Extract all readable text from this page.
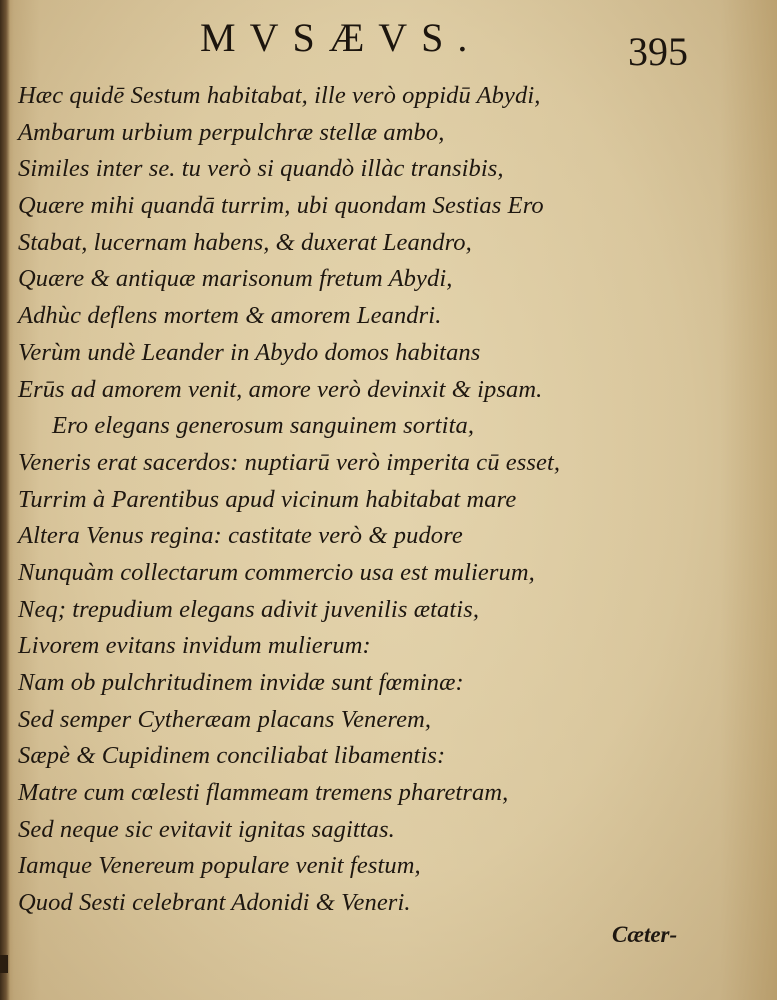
MVSÆVS.	395
Hæc quidē Sestum habitabat, ille verò oppidū Abydi,
Ambarum urbium perpulchræ stellæ ambo,
Similes inter se. tu verò si quandò illàc transibis,
Quære mihi quandā turrim, ubi quondam Sestias Ero
Stabat, lucernam habens, & duxerat Leandro,
Quære & antiquæ marisonum fretum Abydi,
Adhùc deflens mortem & amorem Leandri.
Verùm undè Leander in Abydo domos habitans
Erūs ad amorem venit, amore verò devinxit & ipsam.
Ero elegans generosum sanguinem sortita,
Veneris erat sacerdos: nuptiarū verò imperita cū esset,
Turrim à Parentibus apud vicinum habitabat mare
Altera Venus regina: castitate verò & pudore
Nunquàm collectarum commercio usa est mulierum,
Neq; trepudium elegans adivit juvenilis ætatis,
Livorem evitans invidum mulierum:
Nam ob pulchritudinem invidæ sunt fœminæ:
Sed semper Cytheræam placans Venerem,
Sæpè & Cupidinem conciliabat libamentis:
Matre cum cœlesti flammeam tremens pharetram,
Sed neque sic evitavit ignitas sagittas.
Iamque Venereum populare venit festum,
Quod Sesti celebrant Adonidi & Veneri.
Cæter-
